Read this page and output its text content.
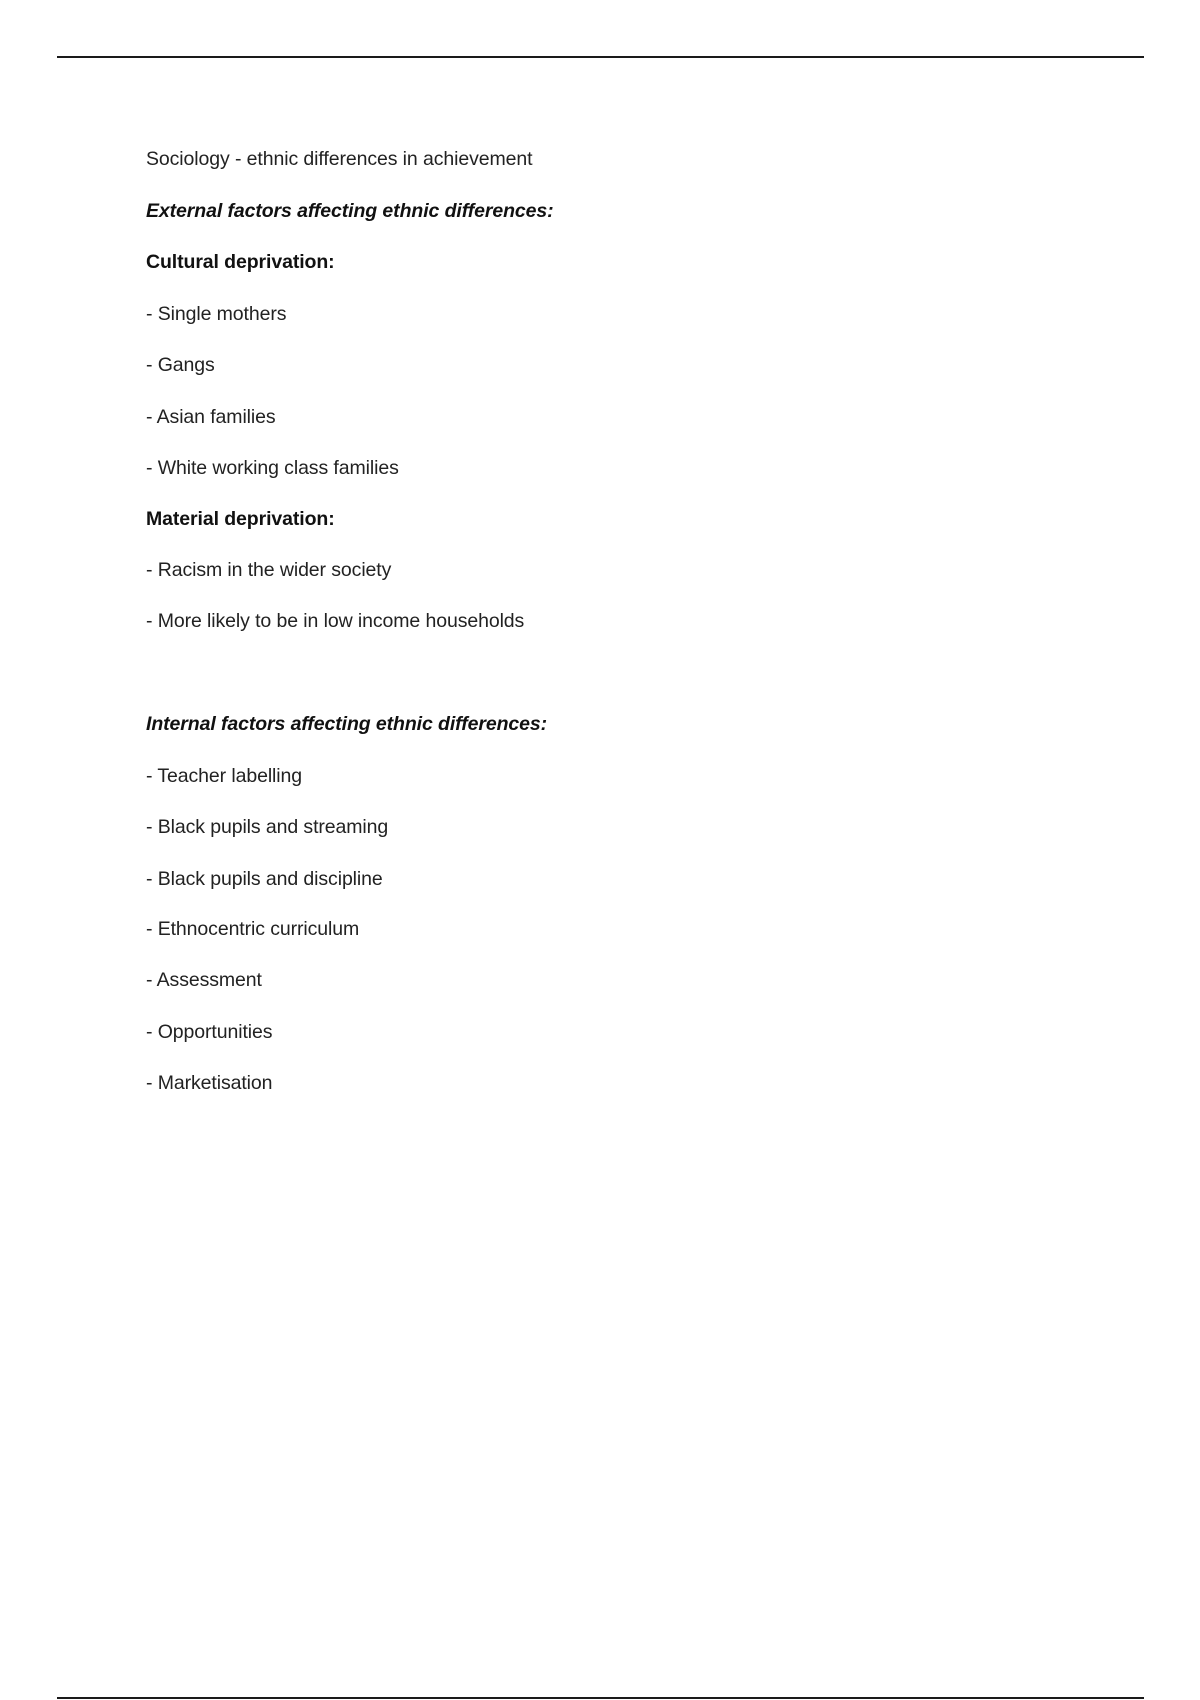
Sociology - ethnic differences in achievement
External factors affecting ethnic differences:
Cultural deprivation:
- Single mothers
- Gangs
- Asian families
- White working class families
Material deprivation:
- Racism in the wider society
- More likely to be in low income households
Internal factors affecting ethnic differences:
- Teacher labelling
- Black pupils and streaming
- Black pupils and discipline
- Ethnocentric curriculum
- Assessment
- Opportunities
- Marketisation
